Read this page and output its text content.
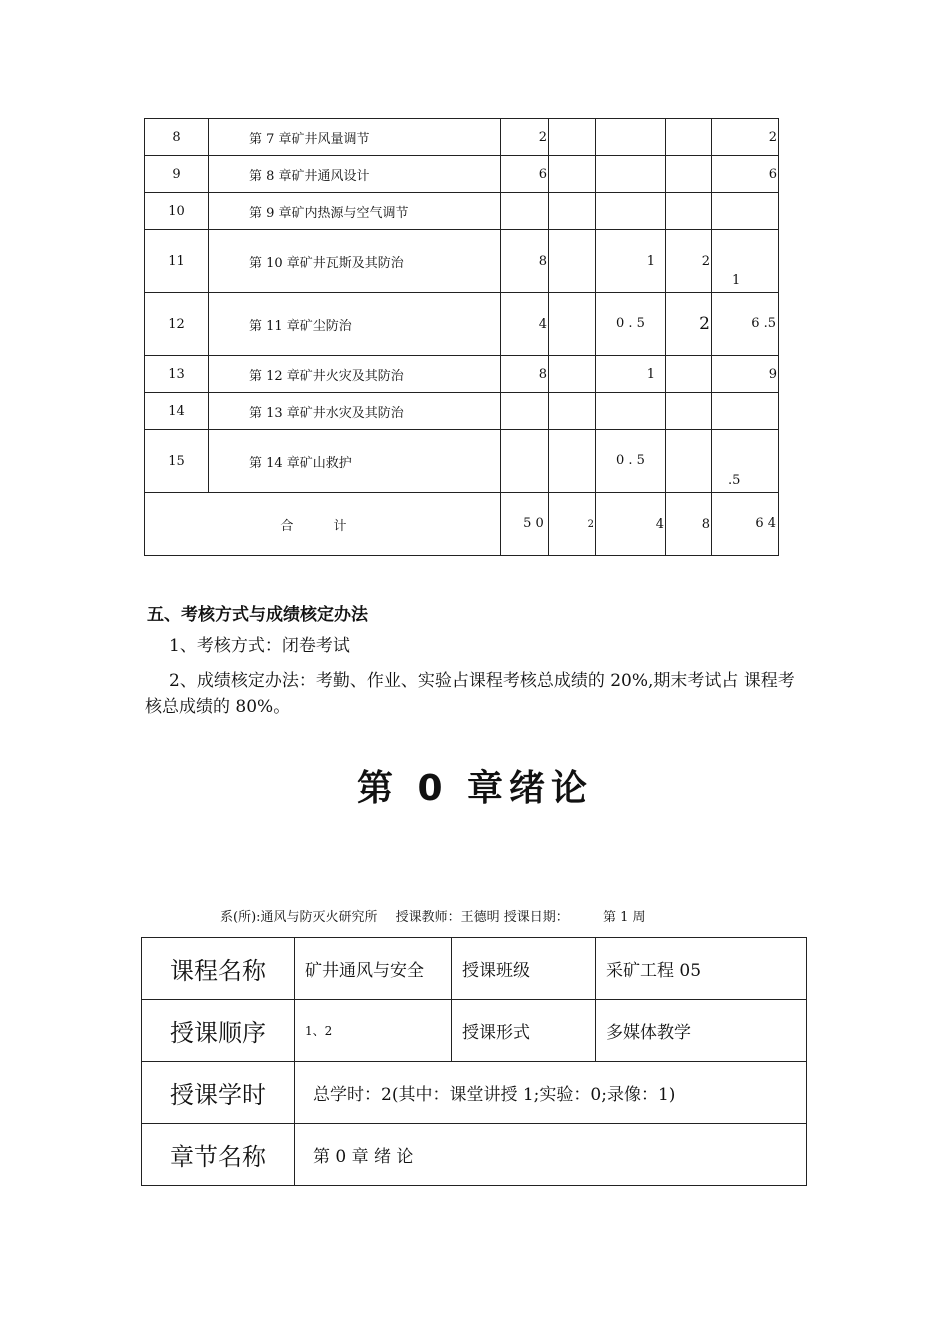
8	第 7 章矿井风量调节	2				2
9	第 8 章矿井通风设计	6				6
10	第 9 章矿内热源与空气调节					
11	第 10 章矿井瓦斯及其防治	8		1	2	1
12	第 11 章矿尘防治	4		0 . 5	2	6 .5
13	第 12 章矿井火灾及其防治	8		1		9
14	第 13 章矿井水灾及其防治					
15	第 14 章矿山救护			0 . 5		.5
合 计		5 0	2	4	8	6 4
五、考核方式与成绩核定办法
1、考核方式：闭卷考试
2、成绩核定办法：考勤、作业、实验占课程考核总成绩的 20%,期末考试占 课程考核总成绩的 80%。
第 0 章绪论
系(所):通风与防灭火研究所 授课教师：王德明 授课日期：	第 1 周
课程名称	矿井通风与安全	授课班级	采矿工程 05
授课顺序	1、2	授课形式	多媒体教学
授课学时	总学时：2(其中：课堂讲授 1;实验：0;录像：1)		
章节名称	第 0 章 绪 论		
